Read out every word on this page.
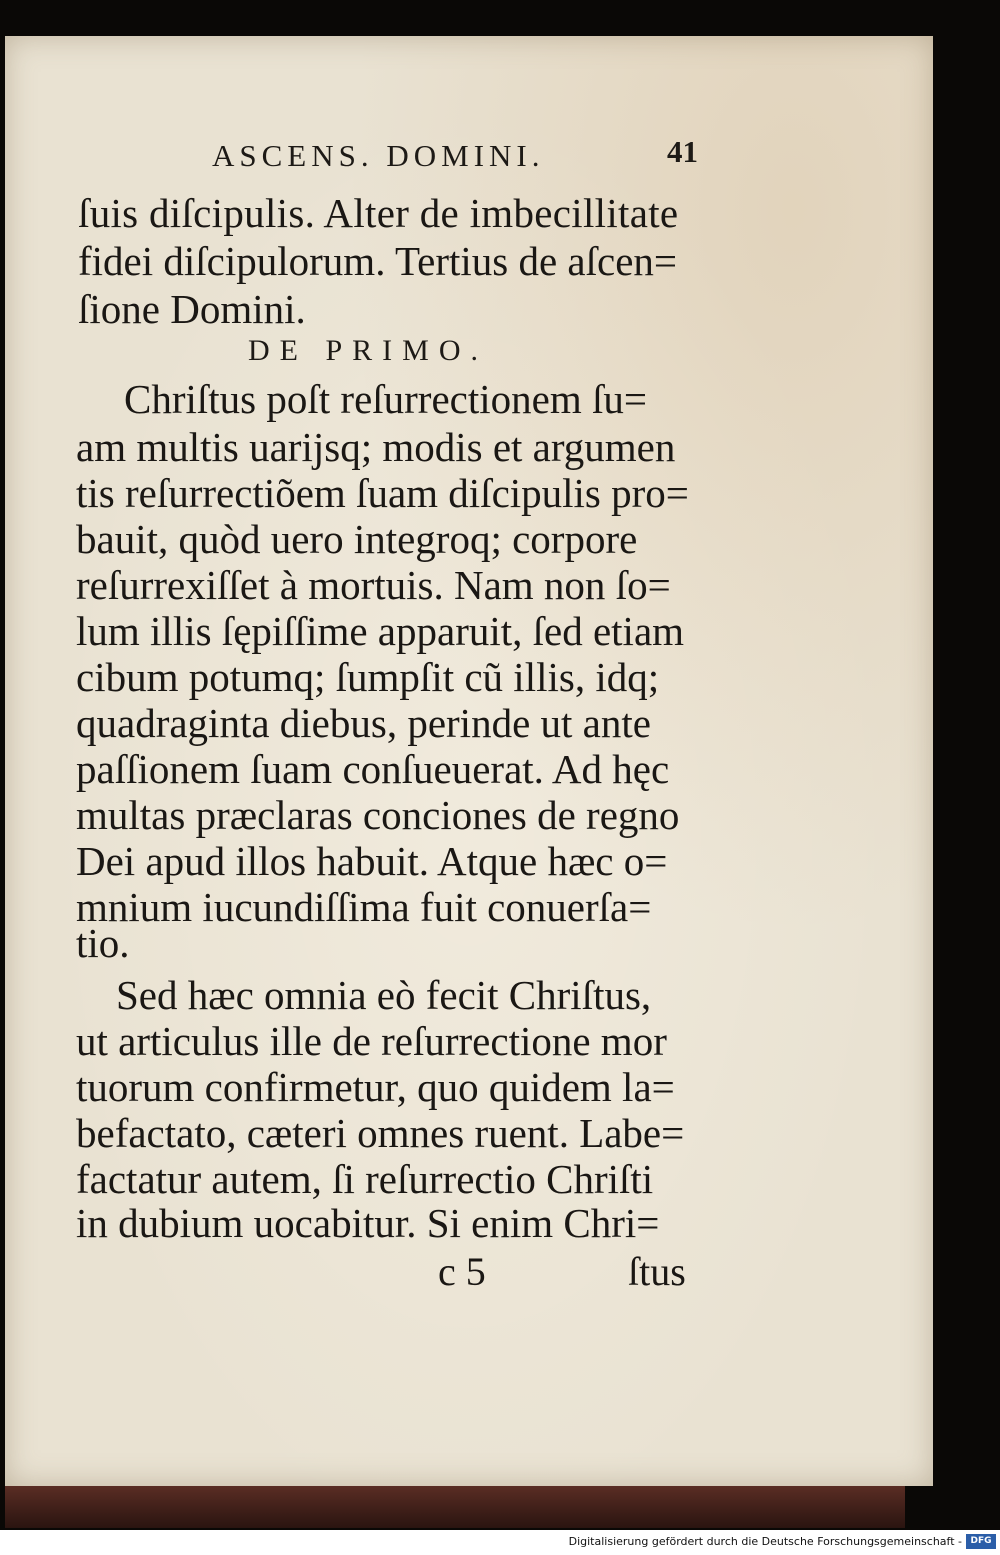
ASCENS. DOMINI.	41
ſuis diſcipulis. Alter de imbecillitate
fidei diſcipulorum. Tertius de aſcen=
ſione Domini.
DE PRIMO.
Chriſtus poſt reſurrectionem ſu=
am multis uarijsq; modis et argumen
tis reſurrectiõem ſuam diſcipulis pro=
bauit, quòd uero integroq; corpore
reſurrexiſſet à mortuis. Nam non ſo=
lum illis ſępiſſime apparuit, ſed etiam
cibum potumq; ſumpſit cũ illis, idq;
quadraginta diebus, perinde ut ante
paſſionem ſuam conſueuerat. Ad hęc
multas præclaras conciones de regno
Dei apud illos habuit. Atque hæc o=
mnium iucundiſſima fuit conuerſa=
tio.
Sed hæc omnia eò fecit Chriſtus,
ut articulus ille de reſurrectione mor
tuorum confirmetur, quo quidem la=
befactato, cæteri omnes ruent. Labe=
factatur autem, ſi reſurrectio Chriſti
in dubium uocabitur. Si enim Chri=
c 5	ſtus
Digitalisierung gefördert durch die Deutsche Forschungsgemeinschaft - DFG
